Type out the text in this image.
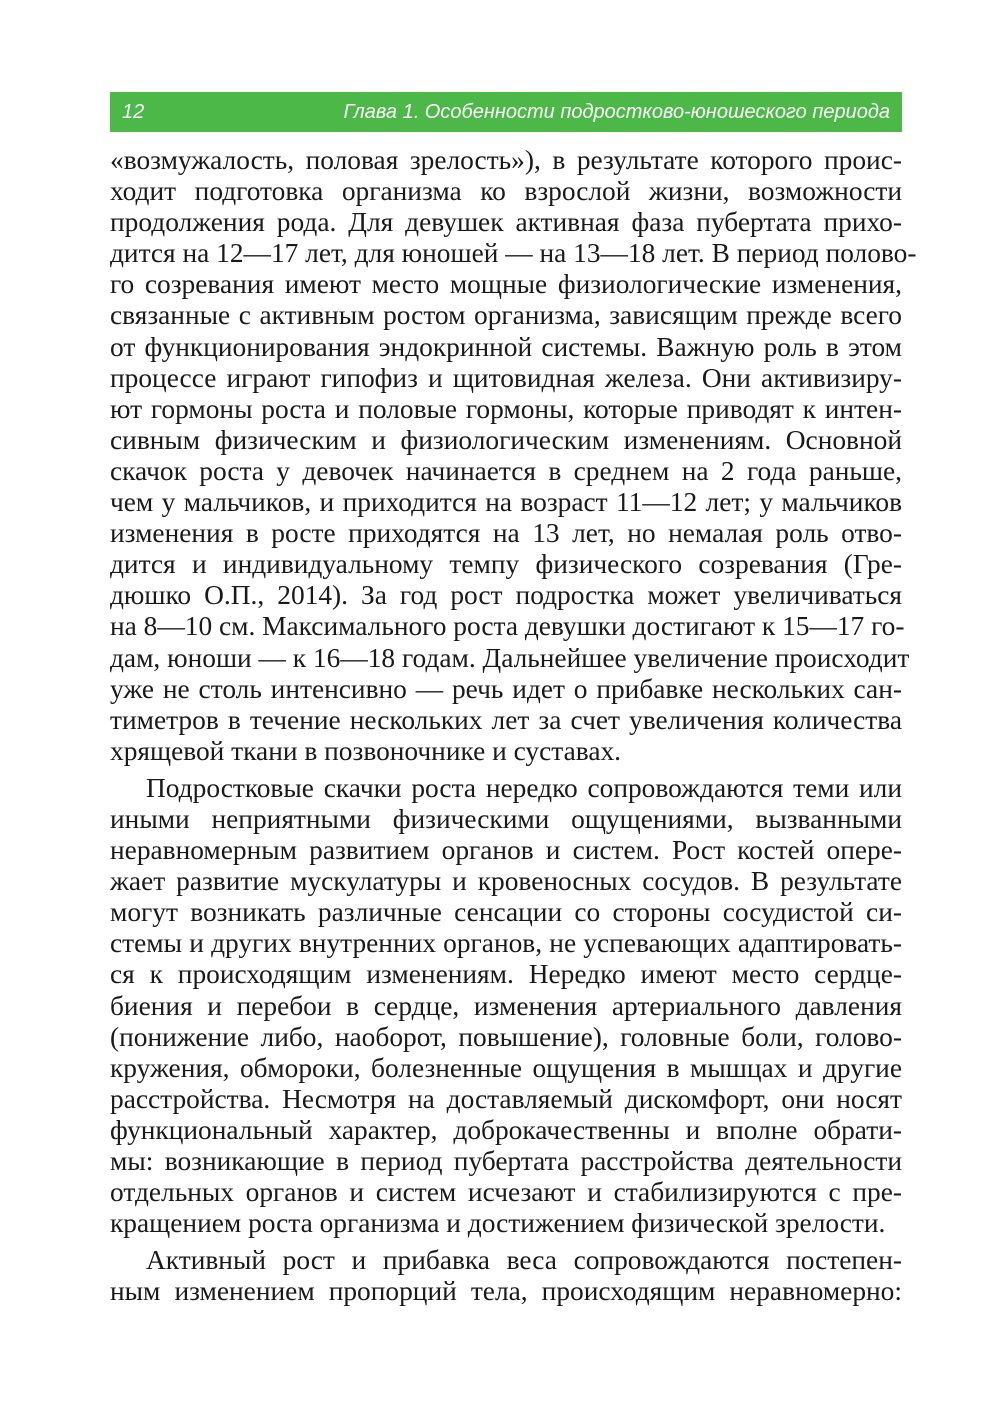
12	Глава 1. Особенности подростково-юношеского периода
«возмужалость, половая зрелость»), в результате которого проис-
ходит подготовка организма ко взрослой жизни, возможности
продолжения рода. Для девушек активная фаза пубертата прихо-
дится на 12—17 лет, для юношей — на 13—18 лет. В период полово-
го созревания имеют место мощные физиологические изменения,
связанные с активным ростом организма, зависящим прежде всего
от функционирования эндокринной системы. Важную роль в этом
процессе играют гипофиз и щитовидная железа. Они активизиру-
ют гормоны роста и половые гормоны, которые приводят к интен-
сивным физическим и физиологическим изменениям. Основной
скачок роста у девочек начинается в среднем на 2 года раньше,
чем у мальчиков, и приходится на возраст 11—12 лет; у мальчиков
изменения в росте приходятся на 13 лет, но немалая роль отво-
дится и индивидуальному темпу физического созревания (Гре-
дюшко О.П., 2014). За год рост подростка может увеличиваться
на 8—10 см. Максимального роста девушки достигают к 15—17 го-
дам, юноши — к 16—18 годам. Дальнейшее увеличение происходит
уже не столь интенсивно — речь идет о прибавке нескольких сан-
тиметров в течение нескольких лет за счет увеличения количества
хрящевой ткани в позвоночнике и суставах.
Подростковые скачки роста нередко сопровождаются теми или
иными неприятными физическими ощущениями, вызванными
неравномерным развитием органов и систем. Рост костей опере-
жает развитие мускулатуры и кровеносных сосудов. В результате
могут возникать различные сенсации со стороны сосудистой си-
стемы и других внутренних органов, не успевающих адаптировать-
ся к происходящим изменениям. Нередко имеют место сердце-
биения и перебои в сердце, изменения артериального давления
(понижение либо, наоборот, повышение), головные боли, голово-
кружения, обмороки, болезненные ощущения в мышцах и другие
расстройства. Несмотря на доставляемый дискомфорт, они носят
функциональный характер, доброкачественны и вполне обрати-
мы: возникающие в период пубертата расстройства деятельности
отдельных органов и систем исчезают и стабилизируются с пре-
кращением роста организма и достижением физической зрелости.
Активный рост и прибавка веса сопровождаются постепен-
ным изменением пропорций тела, происходящим неравномерно:
